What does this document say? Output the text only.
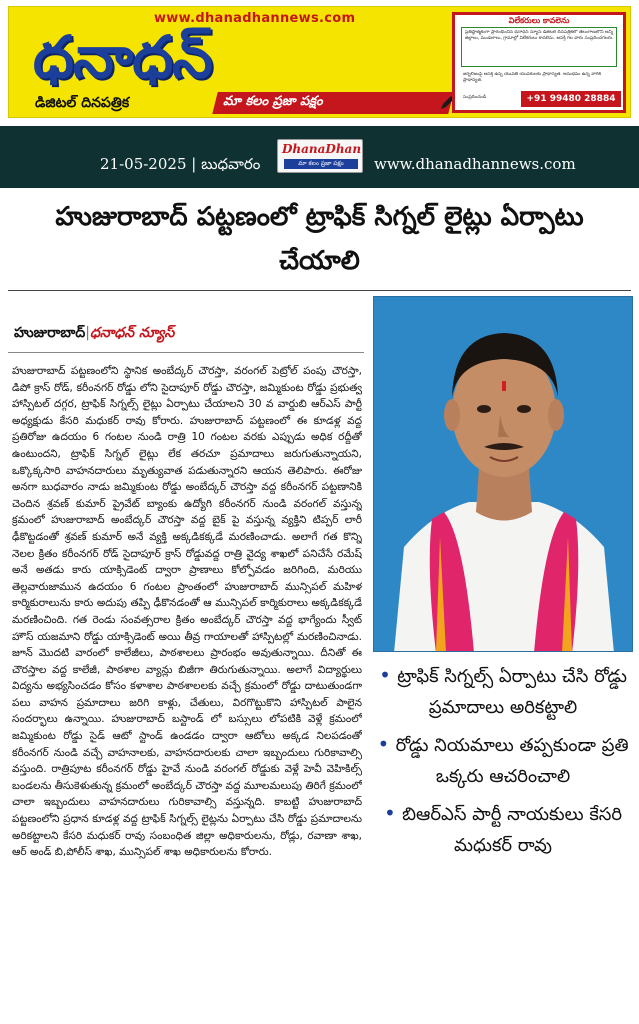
www.dhanadhannews.com
ధనాధన్
డిజిటల్ దినపత్రిక	మా కలం ప్రజా పక్షం
విలేకరులు కావలెను
ప్రతిష్ఠాత్మకంగా ప్రారంభించిన ధనాధన్ న్యూస్ డిజిటల్ దినపత్రికలో తెలంగాణలోని అన్ని జిల్లాలు, మండలాలు, గ్రామాల్లో విలేకరులు కావలెను. ఆసక్తి గల వారు సంప్రదించగలరు.
జర్నలిజంపై ఆసక్తి ఉన్న యువతీ యువకులకు ప్రాధాన్యత. అనుభవం ఉన్న వారికి ప్రాధాన్యత.
సంప్రదించండి	+91 99480 28884
21-05-2025 | బుధవారం
DhanaDhan
మా కలం ప్రజా పక్షం	www.dhanadhannews.com
హుజురాబాద్ పట్టణంలో ట్రాఫిక్ సిగ్నల్ లైట్లు ఏర్పాటు చేయాలి
హుజురాబాద్|ధనాధన్ న్యూస్
హుజురాబాద్ పట్టణంలోని స్థానిక అంబేద్కర్ చౌరస్తా, వరంగల్ పెట్రోల్ పంపు చౌరస్తా, డిపో క్రాస్ రోడ్, కరీంనగర్ రోడ్డు లోని సైదాపూర్ రోడ్డు చౌరస్తా, జమ్మికుంట రోడ్డు ప్రభుత్వ హాస్పిటల్ దగ్గర, ట్రాఫిక్ సిగ్నల్స్ లైట్లు ఏర్పాటు చేయాలని 30 వ వార్డుబి ఆర్ఎస్ పార్టీ అధ్యక్షుడు కేసరి మధుకర్ రావు కోరారు. హుజురాబాద్ పట్టణంలో ఈ కూడళ్ల వద్ద ప్రతిరోజు ఉదయం 6 గంటల నుండి రాత్రి 10 గంటల వరకు ఎప్పుడు అధిక రద్దీతో ఉంటుందని, ట్రాఫిక్ సిగ్నల్ లైట్లు లేక తరచూ ప్రమాదాలు జరుగుతున్నాయని, ఒక్కొక్కసారి వాహనదారులు మృత్యువాత పడుతున్నారని ఆయన తెలిపారు. ఈరోజు అనగా బుధవారం నాడు జమ్మికుంట రోడ్డు అంబేద్కర్ చౌరస్తా వద్ద కరీంనగర్ పట్టణానికి చెందిన శ్రవణ్ కుమార్ ప్రైవేట్ బ్యాంకు ఉద్యోగి కరీంనగర్ నుండి వరంగల్ వస్తున్న క్రమంలో హుజురాబాద్ అంబేద్కర్ చౌరస్తా వద్ద బైక్ పై వస్తున్న వ్యక్తిని టిప్పర్ లారీ ఢీకొట్టడంతో శ్రవణ్ కుమార్ అనే వ్యక్తి అక్కడికక్కడే మరణించాడు. అలాగే గత కొన్ని నెలల క్రితం కరీంనగర్ రోడ్ సైదాపూర్ క్రాస్ రోడ్డువద్ద రాత్రి వైద్య శాఖలో పనిచేసే రమేష్ అనే అతడు కారు యాక్సిడెంట్ ద్వారా ప్రాణాలు కోల్పోవడం జరిగింది, మరియు తెల్లవారుజామున ఉదయం 6 గంటల ప్రాంతంలో హుజురాబాద్ మున్సిపల్ మహిళ కార్మికురాలును కారు అదుపు తప్పి ఢీకొనడంతో ఆ మున్సిపల్ కార్మికురాలు అక్కడికక్కడే మరణించింది. గత రెండు సంవత్సరాల క్రితం అంబేద్కర్ చౌరస్తా వద్ద భాగ్యేందు స్వీట్ హౌస్ యజమాని రోడ్డు యాక్సిడెంట్ అయి తీవ్ర గాయాలతో హాస్పిటల్లో మరణించినాడు. జూన్ మొదటి వారంలో కాలేజీలు, పాఠశాలలు ప్రారంభం అవుతున్నాయి. దీనితో ఈ చౌరస్తాల వద్ద కాలేజీ, పాఠశాల వ్యాన్లు బిజీగా తిరుగుతున్నాయి. అలాగే విద్యార్థులు విద్యను అభ్యసించడం కోసం కళాశాల పాఠశాలలకు వచ్చే క్రమంలో రోడ్డు దాటుతుండగా పలు వాహన ప్రమాదాలు జరిగి కాళ్లు, చేతులు, విరగొట్టుకొని హాస్పిటల్ పాలైన సందర్భాలు ఉన్నాయి. హుజురాబాద్ బస్టాండ్ లో బస్సులు లోపటికి వెళ్లే క్రమంలో జమ్మికుంట రోడ్డు సైడ్ ఆటో స్టాండ్ ఉండడం ద్వారా ఆటోలు అక్కడ నిలపడంతో కరీంనగర్ నుండి వచ్చే వాహనాలకు, వాహనదారులకు చాలా ఇబ్బందులు గురికావాల్సి వస్తుంది. రాత్రిపూట కరీంనగర్ రోడ్డు హైవే నుండి వరంగల్ రోడ్డుకు వెళ్లే హెవీ వెహికిల్స్ బండలను తీసుకెళుతున్న క్రమంలో అంబేద్కర్ చౌరస్తా వద్ద మూలమలుపు తిరిగే క్రమంలో చాలా ఇబ్బందులు వాహనదారులు గురికావాల్సి వస్తున్నది. కాబట్టి హుజురాబాద్ పట్టణంలోని ప్రధాన కూడళ్ల వద్ద ట్రాఫిక్ సిగ్నల్స్ లైట్లను ఏర్పాటు చేసి రోడ్డు ప్రమాదాలను అరికట్టాలని కేసరి మధుకర్ రావు సంబంధిత జిల్లా అధికారులను, రోడ్లు, రవాణా శాఖ, ఆర్ అండ్ బి,పోలీస్ శాఖ, మున్సిపల్ శాఖ అధికారులను కోరారు.
• ట్రాఫిక్ సిగ్నల్స్ ఏర్పాటు చేసి రోడ్డు ప్రమాదాలు అరికట్టాలి
• రోడ్డు నియమాలు తప్పకుండా ప్రతి ఒక్కరు ఆచరించాలి
• బిఆర్ఎస్ పార్టీ నాయకులు కేసరి మధుకర్ రావు
